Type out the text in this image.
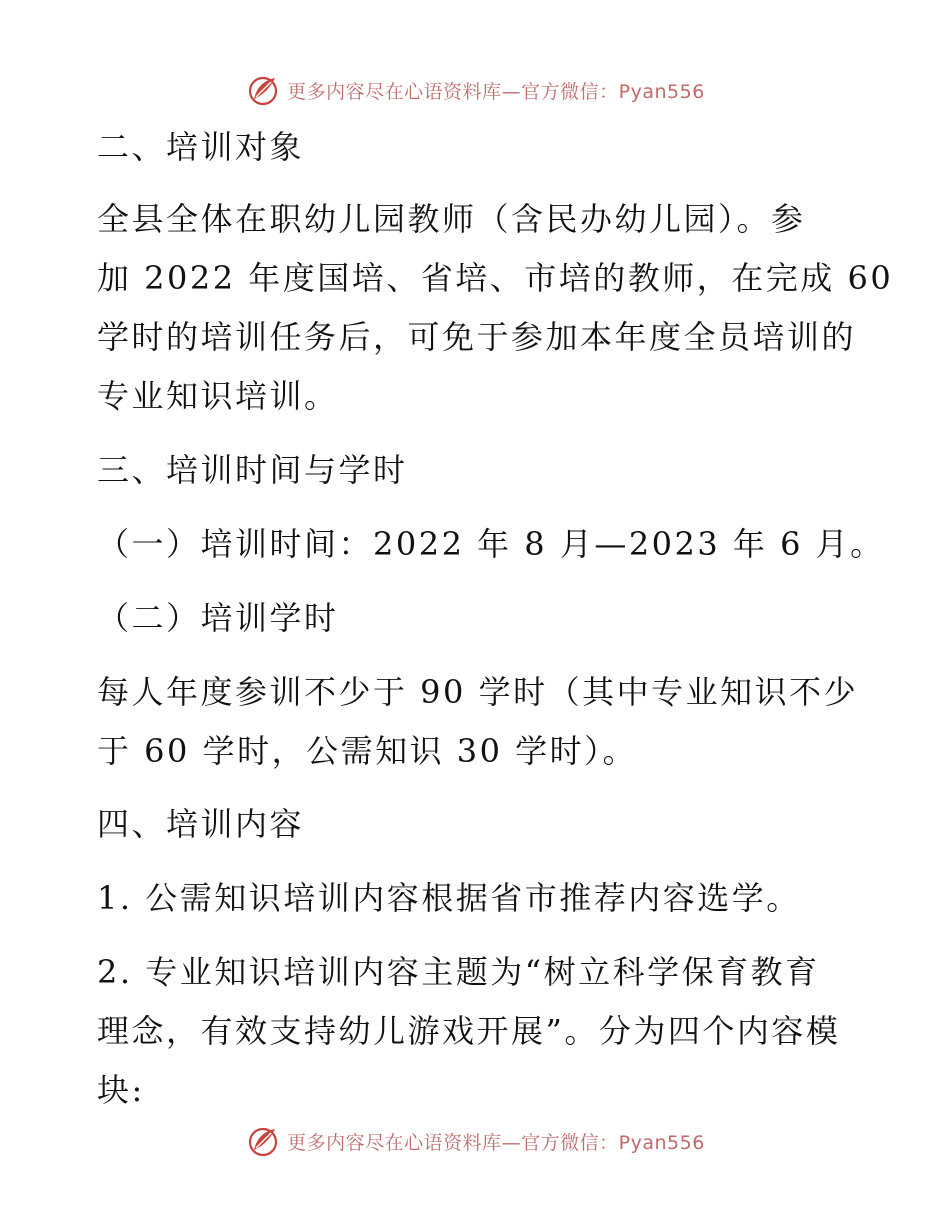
更多内容尽在心语资料库—官方微信：Pyan556
二、培训对象
全县全体在职幼儿园教师（含民办幼儿园）。参
加 2022 年度国培、省培、市培的教师，在完成 60
学时的培训任务后，可免于参加本年度全员培训的
专业知识培训。
三、培训时间与学时
（一）培训时间：2022 年 8 月—2023 年 6 月。
（二）培训学时
每人年度参训不少于 90 学时（其中专业知识不少
于 60 学时，公需知识 30 学时）。
四、培训内容
1. 公需知识培训内容根据省市推荐内容选学。
2. 专业知识培训内容主题为“树立科学保育教育
理念，有效支持幼儿游戏开展”。分为四个内容模
块:
更多内容尽在心语资料库—官方微信：Pyan556
